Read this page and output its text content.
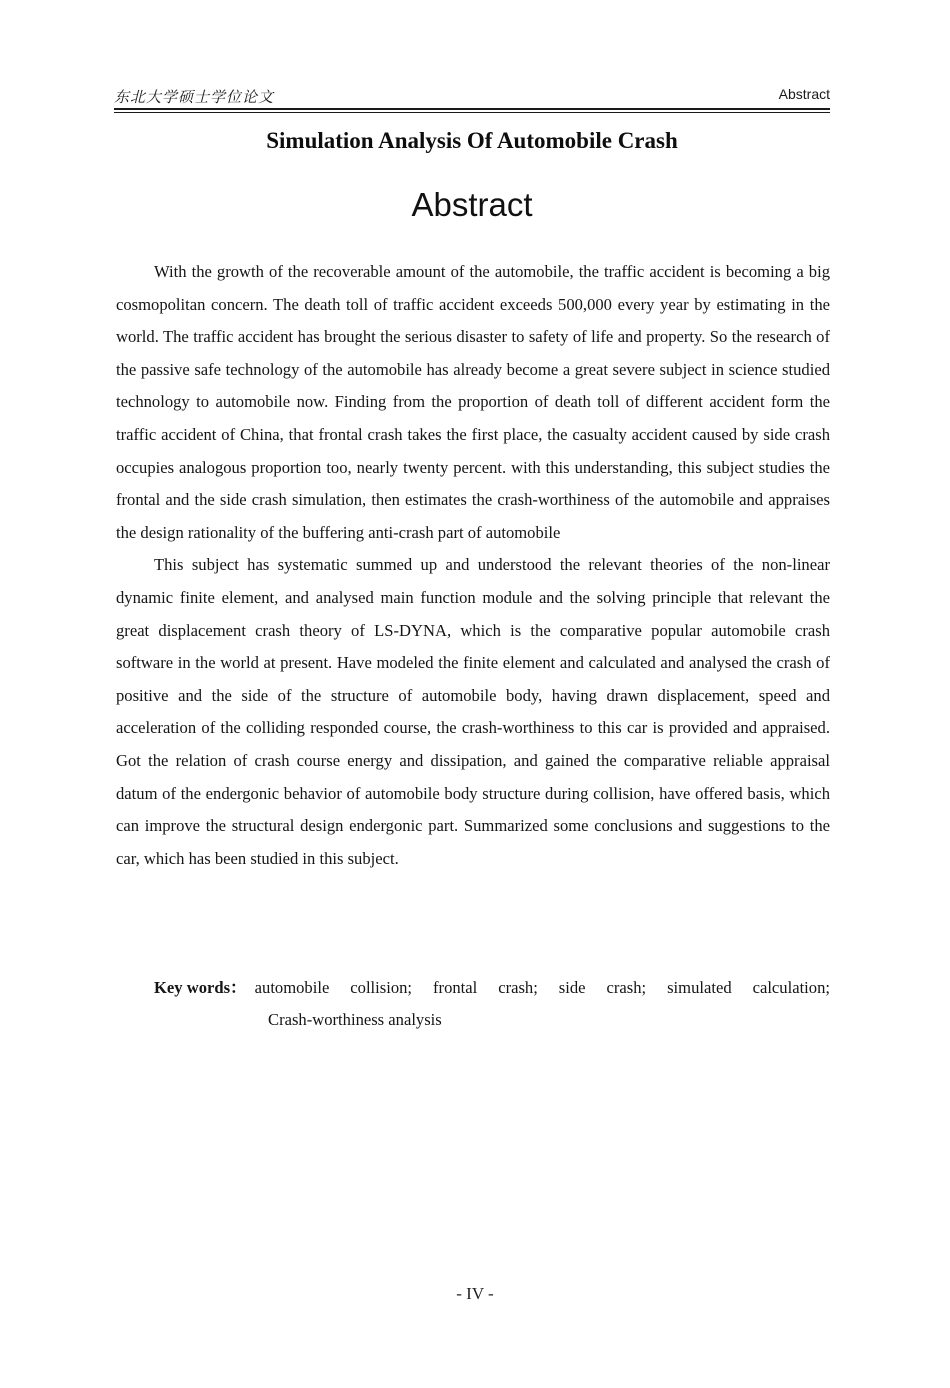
东北大学硕士学位论文	Abstract
Simulation Analysis Of Automobile Crash
Abstract

With the growth of the recoverable amount of the automobile, the traffic accident is becoming a big cosmopolitan concern. The death toll of traffic accident exceeds 500,000 every year by estimating in the world. The traffic accident has brought the serious disaster to safety of life and property. So the research of the passive safe technology of the automobile has already become a great severe subject in science studied technology to automobile now. Finding from the proportion of death toll of different accident form the traffic accident of China, that frontal crash takes the first place, the casualty accident caused by side crash occupies analogous proportion too, nearly twenty percent. with this understanding, this subject studies the frontal and the side crash simulation, then estimates the crash-worthiness of the automobile and appraises the design rationality of the buffering anti-crash part of automobile

This subject has systematic summed up and understood the relevant theories of the non-linear dynamic finite element, and analysed main function module and the solving principle that relevant the great displacement crash theory of LS-DYNA, which is the comparative popular automobile crash software in the world at present. Have modeled the finite element and calculated and analysed the crash of positive and the side of the structure of automobile body, having drawn displacement, speed and acceleration of the colliding responded course, the crash-worthiness to this car is provided and appraised. Got the relation of crash course energy and dissipation, and gained the comparative reliable appraisal datum of the endergonic behavior of automobile body structure during collision, have offered basis, which can improve the structural design endergonic part. Summarized some conclusions and suggestions to the car, which has been studied in this subject.

Key words： automobile collision; frontal crash; side crash; simulated calculation;
Crash-worthiness analysis
- IV -
